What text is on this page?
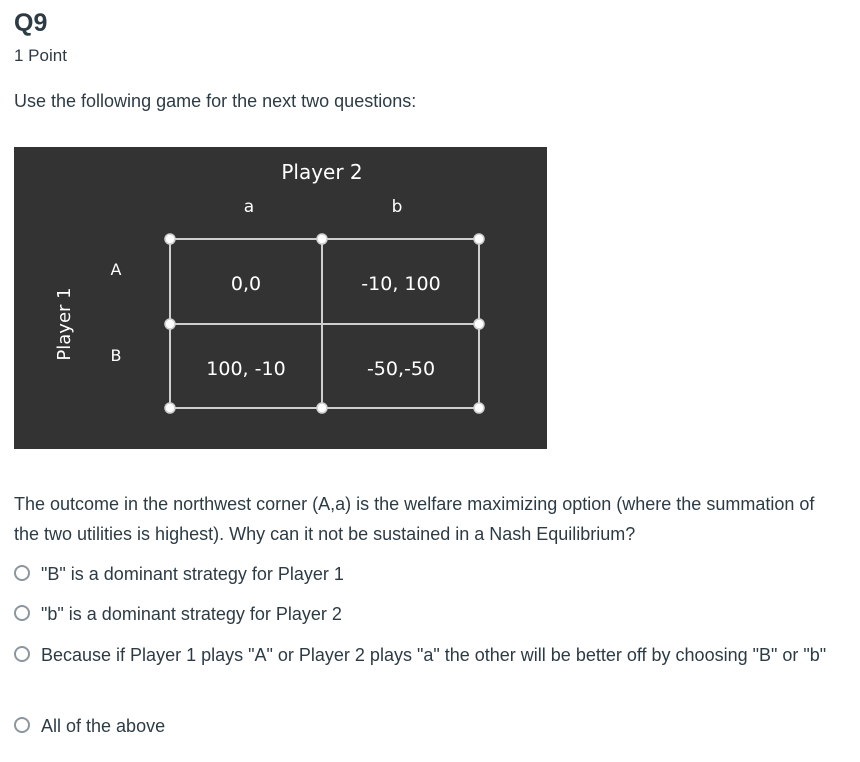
Q9
1 Point
Use the following game for the next two questions:
Player 2
a	b
Player 1
A
B
0,0	-10, 100
100, -10	-50,-50
The outcome in the northwest corner (A,a) is the welfare maximizing option (where the summation of the two utilities is highest). Why can it not be sustained in a Nash Equilibrium?
"B" is a dominant strategy for Player 1
"b" is a dominant strategy for Player 2
Because if Player 1 plays "A" or Player 2 plays "a" the other will be better off by choosing "B" or "b"
All of the above
